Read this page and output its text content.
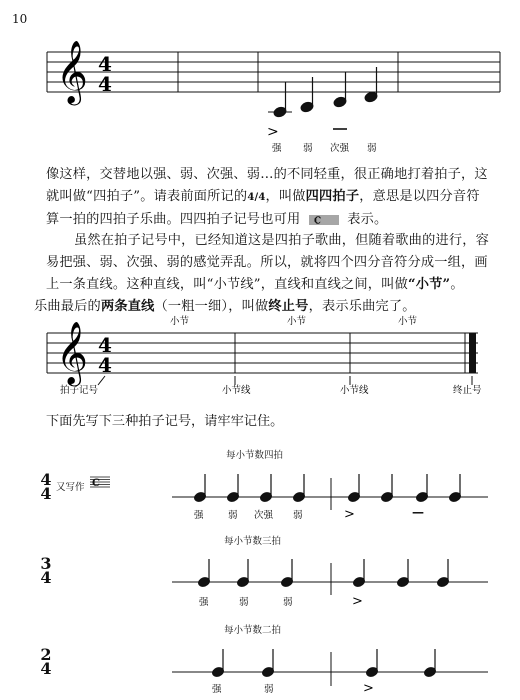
10
𝄞 4
4
>
强 弱 次强 弱

像这样，交替地以强、弱、次强、弱…的不同轻重，很正确地打着拍子，这

就叫做“四拍子”。请表前面所记的4/4，叫做四四拍子，意思是以四分音符

算一拍的四拍子乐曲。四四拍子记号也可用 C 表示。

虽然在拍子记号中，已经知道这是四拍子歌曲，但随着歌曲的进行，容

易把强、弱、次强、弱的感觉弄乱。所以，就将四个四分音符分成一组，画

上一条直线。这种直线，叫“小节线”，直线和直线之间，叫做“小节”。

乐曲最后的两条直线（一粗一细），叫做终止号，表示乐曲完了。

小节	小节	小节
𝄞 4
4
拍子记号	小节线	小节线	终止号
下面先写下三种拍子记号，请牢牢记住。
每小节数四拍
4
4 又写作 C
>	—
强	弱 次强 弱
每小节数三拍
3
4
>
强	弱	弱
每小节数二拍
2
4
>
强	弱
